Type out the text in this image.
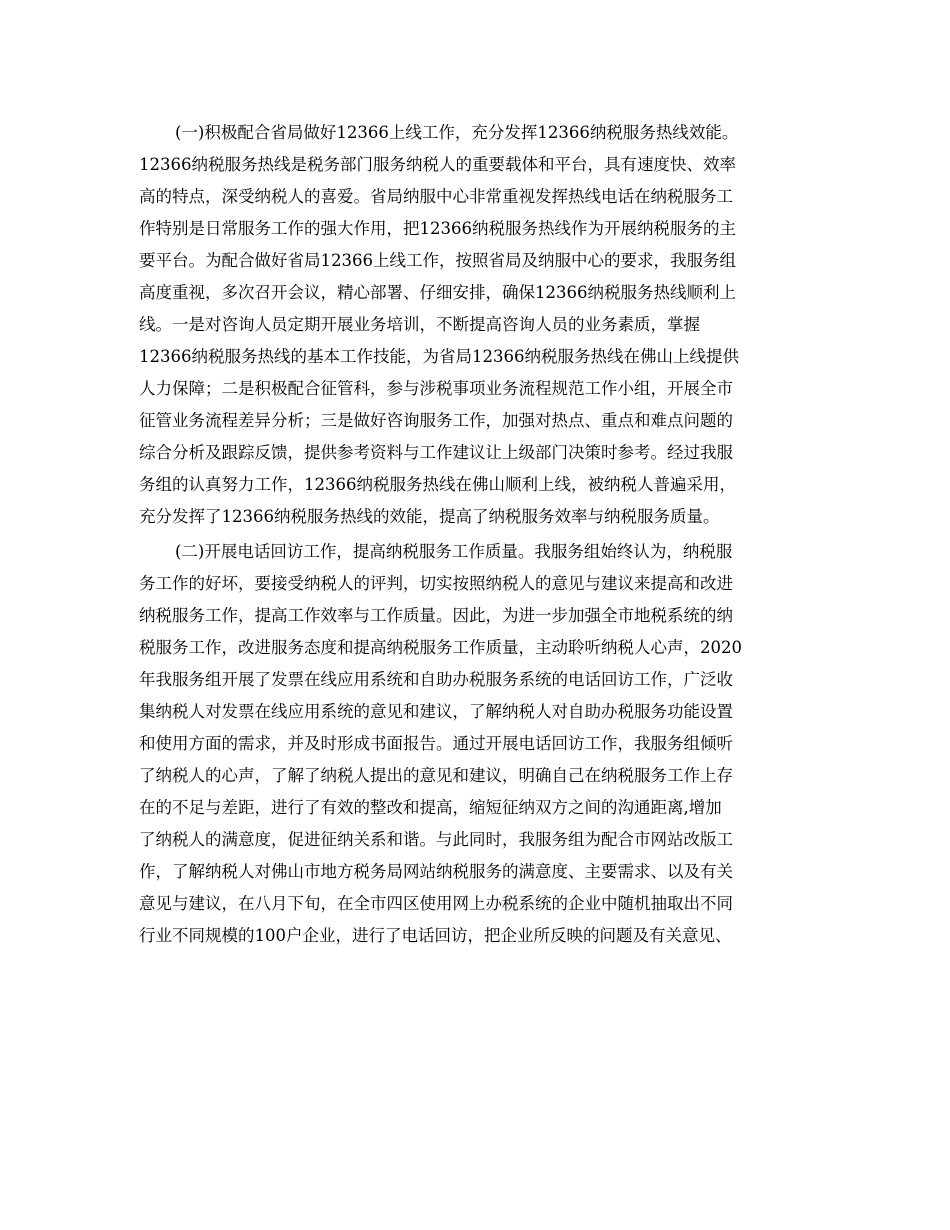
(一)积极配合省局做好12366上线工作，充分发挥12366纳税服务热线效能。
12366纳税服务热线是税务部门服务纳税人的重要载体和平台，具有速度快、效率
高的特点，深受纳税人的喜爱。省局纳服中心非常重视发挥热线电话在纳税服务工
作特别是日常服务工作的强大作用，把12366纳税服务热线作为开展纳税服务的主
要平台。为配合做好省局12366上线工作，按照省局及纳服中心的要求，我服务组
高度重视，多次召开会议，精心部署、仔细安排，确保12366纳税服务热线顺利上
线。一是对咨询人员定期开展业务培训，不断提高咨询人员的业务素质，掌握
12366纳税服务热线的基本工作技能，为省局12366纳税服务热线在佛山上线提供
人力保障；二是积极配合征管科，参与涉税事项业务流程规范工作小组，开展全市
征管业务流程差异分析；三是做好咨询服务工作，加强对热点、重点和难点问题的
综合分析及跟踪反馈，提供参考资料与工作建议让上级部门决策时参考。经过我服
务组的认真努力工作，12366纳税服务热线在佛山顺利上线，被纳税人普遍采用，
充分发挥了12366纳税服务热线的效能，提高了纳税服务效率与纳税服务质量。
(二)开展电话回访工作，提高纳税服务工作质量。我服务组始终认为，纳税服
务工作的好坏，要接受纳税人的评判，切实按照纳税人的意见与建议来提高和改进
纳税服务工作，提高工作效率与工作质量。因此，为进一步加强全市地税系统的纳
税服务工作，改进服务态度和提高纳税服务工作质量，主动聆听纳税人心声，2020
年我服务组开展了发票在线应用系统和自助办税服务系统的电话回访工作，广泛收
集纳税人对发票在线应用系统的意见和建议，了解纳税人对自助办税服务功能设置
和使用方面的需求，并及时形成书面报告。通过开展电话回访工作，我服务组倾听
了纳税人的心声，了解了纳税人提出的意见和建议，明确自己在纳税服务工作上存
在的不足与差距，进行了有效的整改和提高，缩短征纳双方之间的沟通距离,增加
了纳税人的满意度，促进征纳关系和谐。与此同时，我服务组为配合市网站改版工
作，了解纳税人对佛山市地方税务局网站纳税服务的满意度、主要需求、以及有关
意见与建议，在八月下旬，在全市四区使用网上办税系统的企业中随机抽取出不同
行业不同规模的100户企业，进行了电话回访，把企业所反映的问题及有关意见、
